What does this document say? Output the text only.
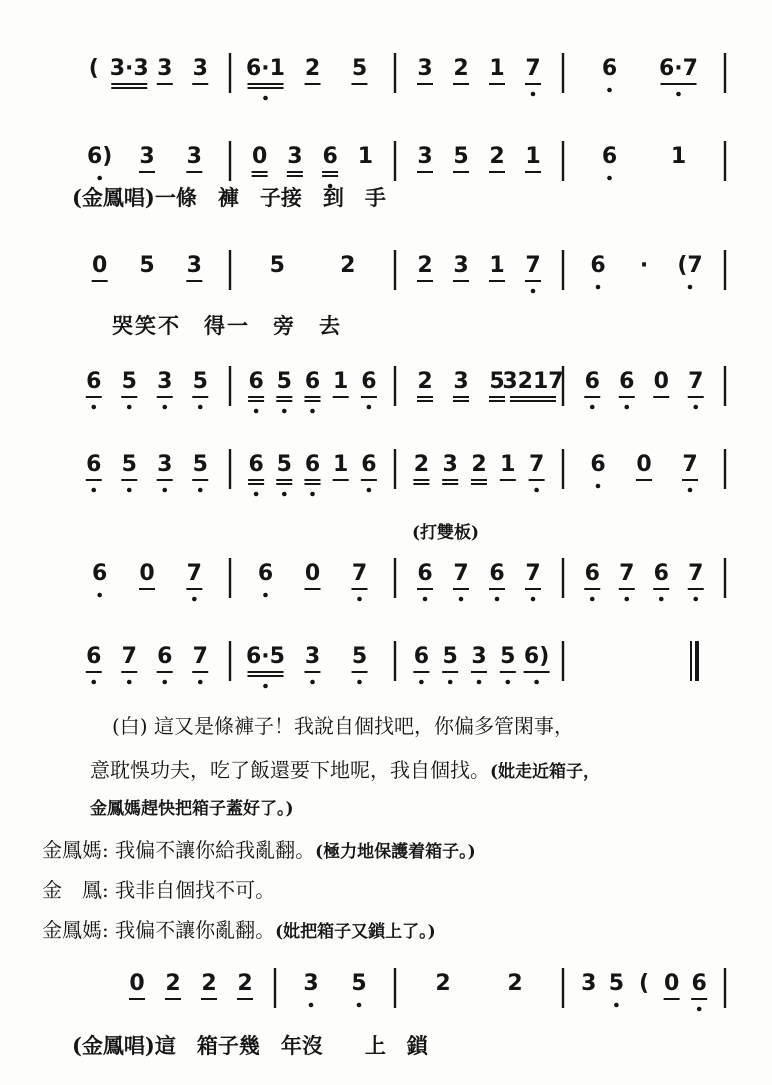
( 3·3 3 3 6·1 2 5 3 2 1 7	6 6·7
6) 3 3 0 3 6 1 3 5 2 1	6 1
0 5 3	5	2	2 3 1 7 6 · (7
6 5 3 5 6 5 6 1 6 2 3 5
3217 6 6 0 7
6 5 3 5 6 5 6 1 6 2 3 2 1 7 6 0 7
6 0 7	6 0 7 6 7 6 7 6 7 6 7
6 7 6 7 6·5 3 5 6 5 3 5 6)
0 2 2 2 3 5	2	2	3 5 ( 0 6
(金鳳唱)一條　褲　子接　到　手
哭笑不　得一　旁　去
(打雙板)
(白) 這又是條褲子！我說自個找吧，你偏多管閑事，
意耽悞功夫，吃了飯還要下地呢，我自個找。(妣走近箱子，
金鳳媽趕快把箱子蓋好了。)
金鳳媽: 我偏不讓你給我亂翻。(極力地保護着箱子。)
金　鳳: 我非自個找不可。
金鳳媽: 我偏不讓你亂翻。(妣把箱子又鎖上了。)
(金鳳唱)這　箱子幾　年沒　　上　鎖
